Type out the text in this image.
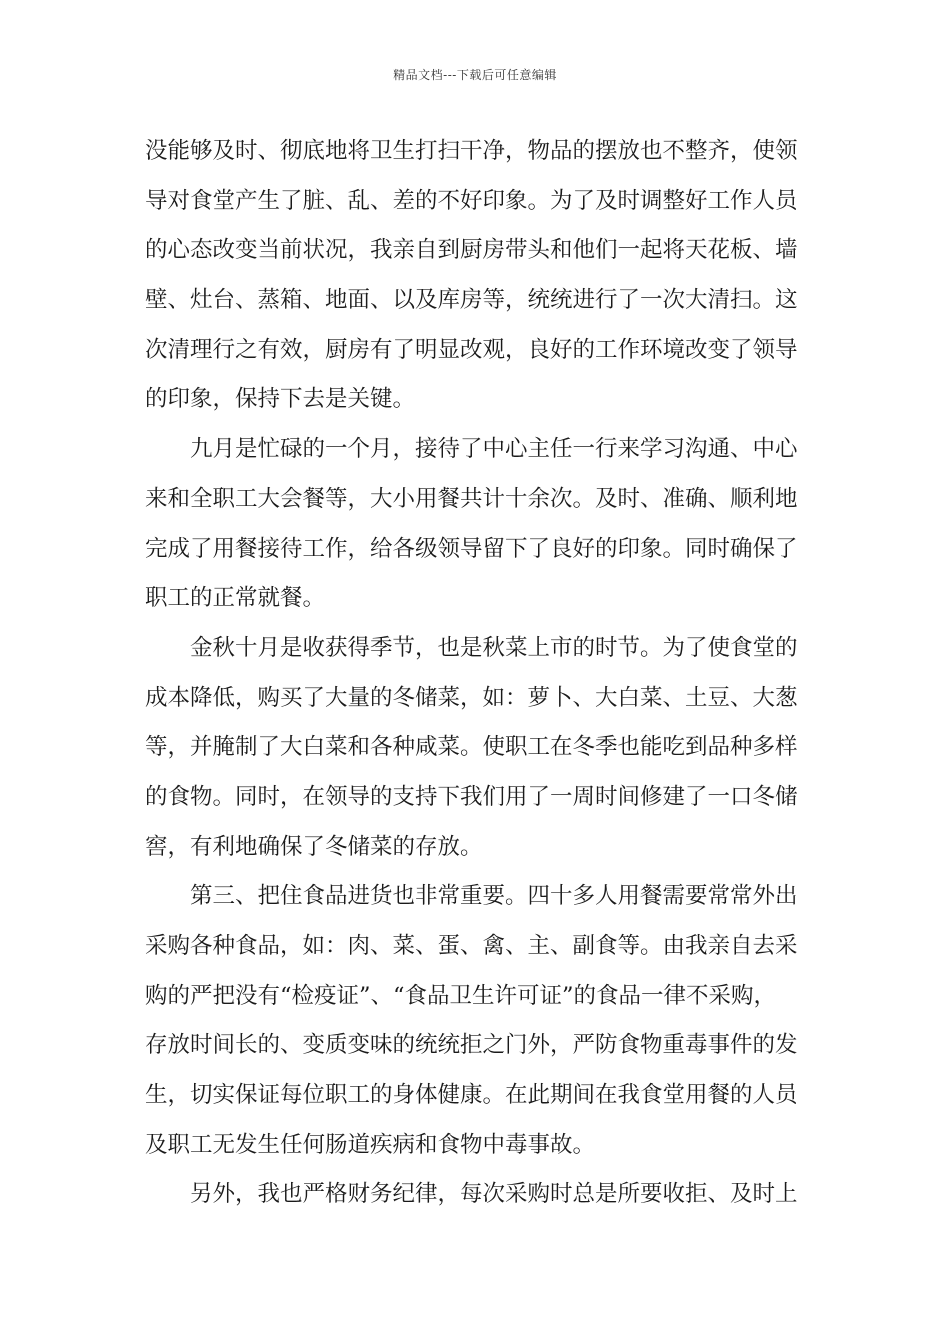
精品文档---下载后可任意编辑
没能够及时、彻底地将卫生打扫干净，物品的摆放也不整齐，使领
导对食堂产生了脏、乱、差的不好印象。为了及时调整好工作人员
的心态改变当前状况，我亲自到厨房带头和他们一起将天花板、墙
壁、灶台、蒸箱、地面、以及库房等，统统进行了一次大清扫。这
次清理行之有效，厨房有了明显改观，良好的工作环境改变了领导
的印象，保持下去是关键。
九月是忙碌的一个月，接待了中心主任一行来学习沟通、中心
来和全职工大会餐等，大小用餐共计十余次。及时、准确、顺利地
完成了用餐接待工作，给各级领导留下了良好的印象。同时确保了
职工的正常就餐。
金秋十月是收获得季节，也是秋菜上市的时节。为了使食堂的
成本降低，购买了大量的冬储菜，如：萝卜、大白菜、土豆、大葱
等，并腌制了大白菜和各种咸菜。使职工在冬季也能吃到品种多样
的食物。同时，在领导的支持下我们用了一周时间修建了一口冬储
窖，有利地确保了冬储菜的存放。
第三、把住食品进货也非常重要。四十多人用餐需要常常外出
采购各种食品，如：肉、菜、蛋、禽、主、副食等。由我亲自去采
购的严把没有“检疫证”、“食品卫生许可证”的食品一律不采购，
存放时间长的、变质变味的统统拒之门外，严防食物重毒事件的发
生，切实保证每位职工的身体健康。在此期间在我食堂用餐的人员
及职工无发生任何肠道疾病和食物中毒事故。
另外，我也严格财务纪律，每次采购时总是所要收拒、及时上
